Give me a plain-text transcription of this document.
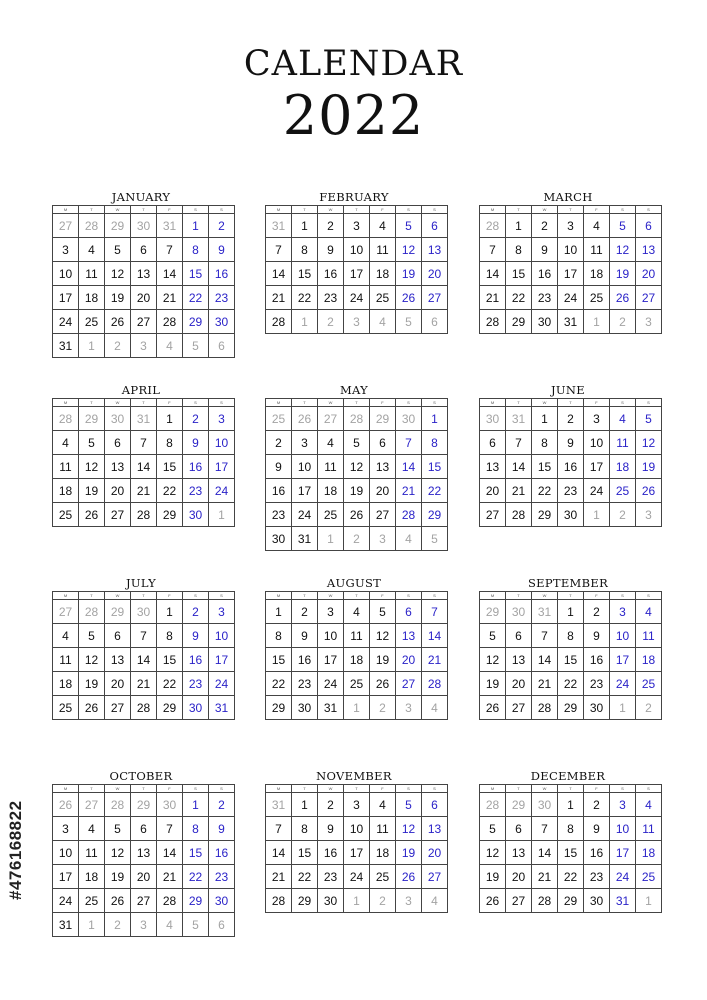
CALENDAR
2022
JANUARY
M	T	W	T	F	S	S
27	28	29	30	31	1	2
3	4	5	6	7	8	9
10	11	12	13	14	15	16
17	18	19	20	21	22	23
24	25	26	27	28	29	30
31	1	2	3	4	5	6
FEBRUARY
M	T	W	T	F	S	S
31	1	2	3	4	5	6
7	8	9	10	11	12	13
14	15	16	17	18	19	20
21	22	23	24	25	26	27
28	1	2	3	4	5	6
MARCH
M	T	W	T	F	S	S
28	1	2	3	4	5	6
7	8	9	10	11	12	13
14	15	16	17	18	19	20
21	22	23	24	25	26	27
28	29	30	31	1	2	3
APRIL
M	T	W	T	F	S	S
28	29	30	31	1	2	3
4	5	6	7	8	9	10
11	12	13	14	15	16	17
18	19	20	21	22	23	24
25	26	27	28	29	30	1
MAY
M	T	W	T	F	S	S
25	26	27	28	29	30	1
2	3	4	5	6	7	8
9	10	11	12	13	14	15
16	17	18	19	20	21	22
23	24	25	26	27	28	29
30	31	1	2	3	4	5
JUNE
M	T	W	T	F	S	S
30	31	1	2	3	4	5
6	7	8	9	10	11	12
13	14	15	16	17	18	19
20	21	22	23	24	25	26
27	28	29	30	1	2	3
JULY
M	T	W	T	F	S	S
27	28	29	30	1	2	3
4	5	6	7	8	9	10
11	12	13	14	15	16	17
18	19	20	21	22	23	24
25	26	27	28	29	30	31
AUGUST
M	T	W	T	F	S	S
1	2	3	4	5	6	7
8	9	10	11	12	13	14
15	16	17	18	19	20	21
22	23	24	25	26	27	28
29	30	31	1	2	3	4
SEPTEMBER
M	T	W	T	F	S	S
29	30	31	1	2	3	4
5	6	7	8	9	10	11
12	13	14	15	16	17	18
19	20	21	22	23	24	25
26	27	28	29	30	1	2
OCTOBER
M	T	W	T	F	S	S
26	27	28	29	30	1	2
3	4	5	6	7	8	9
10	11	12	13	14	15	16
17	18	19	20	21	22	23
24	25	26	27	28	29	30
31	1	2	3	4	5	6
NOVEMBER
M	T	W	T	F	S	S
31	1	2	3	4	5	6
7	8	9	10	11	12	13
14	15	16	17	18	19	20
21	22	23	24	25	26	27
28	29	30	1	2	3	4
DECEMBER
M	T	W	T	F	S	S
28	29	30	1	2	3	4
5	6	7	8	9	10	11
12	13	14	15	16	17	18
19	20	21	22	23	24	25
26	27	28	29	30	31	1
#476168822
